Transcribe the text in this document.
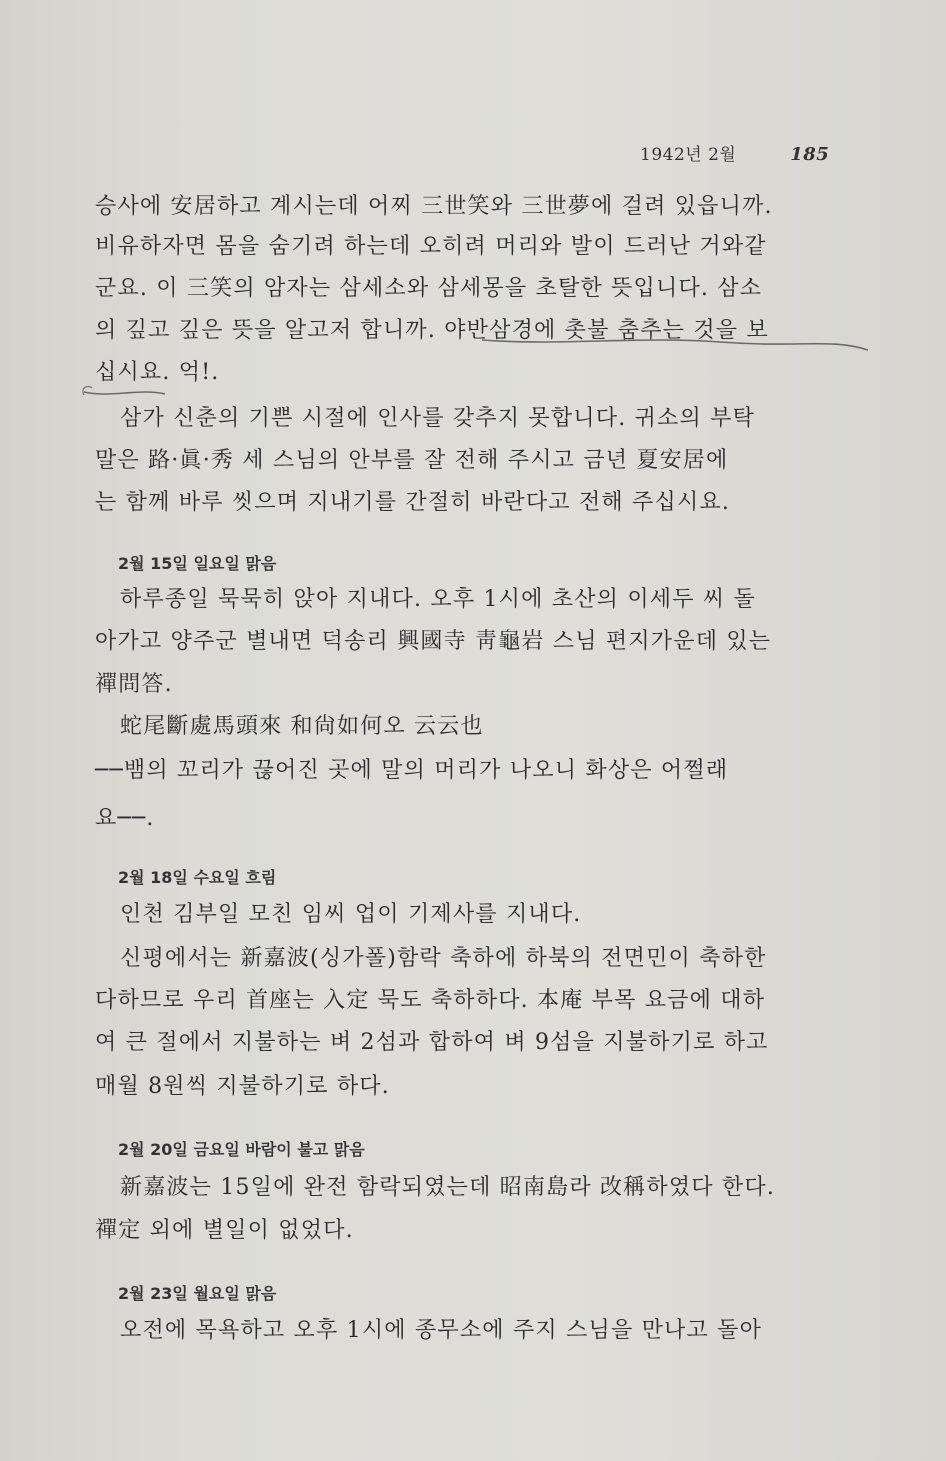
1942년 2월	185
승사에 安居하고 계시는데 어찌 三世笑와 三世夢에 걸려 있읍니까.
비유하자면 몸을 숨기려 하는데 오히려 머리와 발이 드러난 거와같
군요. 이 三笑의 암자는 삼세소와 삼세몽을 초탈한 뜻입니다. 삼소
의 깊고 깊은 뜻을 알고저 합니까. 야반삼경에 촛불 춤추는 것을 보
십시요. 억!.
삼가 신춘의 기쁜 시절에 인사를 갖추지 못합니다. 귀소의 부탁
말은 路·眞·秀 세 스님의 안부를 잘 전해 주시고 금년 夏安居에
는 함께 바루 씻으며 지내기를 간절히 바란다고 전해 주십시요.
2월 15일 일요일 맑음
하루종일 묵묵히 앉아 지내다. 오후 1시에 초산의 이세두 씨 돌
아가고 양주군 별내면 덕송리 興國寺 靑龜岩 스님 편지가운데 있는
禪問答.
蛇尾斷處馬頭來 和尙如何오 云云也
──뱀의 꼬리가 끊어진 곳에 말의 머리가 나오니 화상은 어쩔래
요──.
2월 18일 수요일 흐림
인천 김부일 모친 임씨 업이 기제사를 지내다.
신평에서는 新嘉波(싱가폴)함락 축하에 하북의 전면민이 축하한
다하므로 우리 首座는 入定 묵도 축하하다. 本庵 부목 요금에 대하
여 큰 절에서 지불하는 벼 2섬과 합하여 벼 9섬을 지불하기로 하고
매월 8원씩 지불하기로 하다.
2월 20일 금요일 바람이 불고 맑음
新嘉波는 15일에 완전 함락되였는데 昭南島라 改稱하였다 한다.
禪定 외에 별일이 없었다.
2월 23일 월요일 맑음
오전에 목욕하고 오후 1시에 종무소에 주지 스님을 만나고 돌아
